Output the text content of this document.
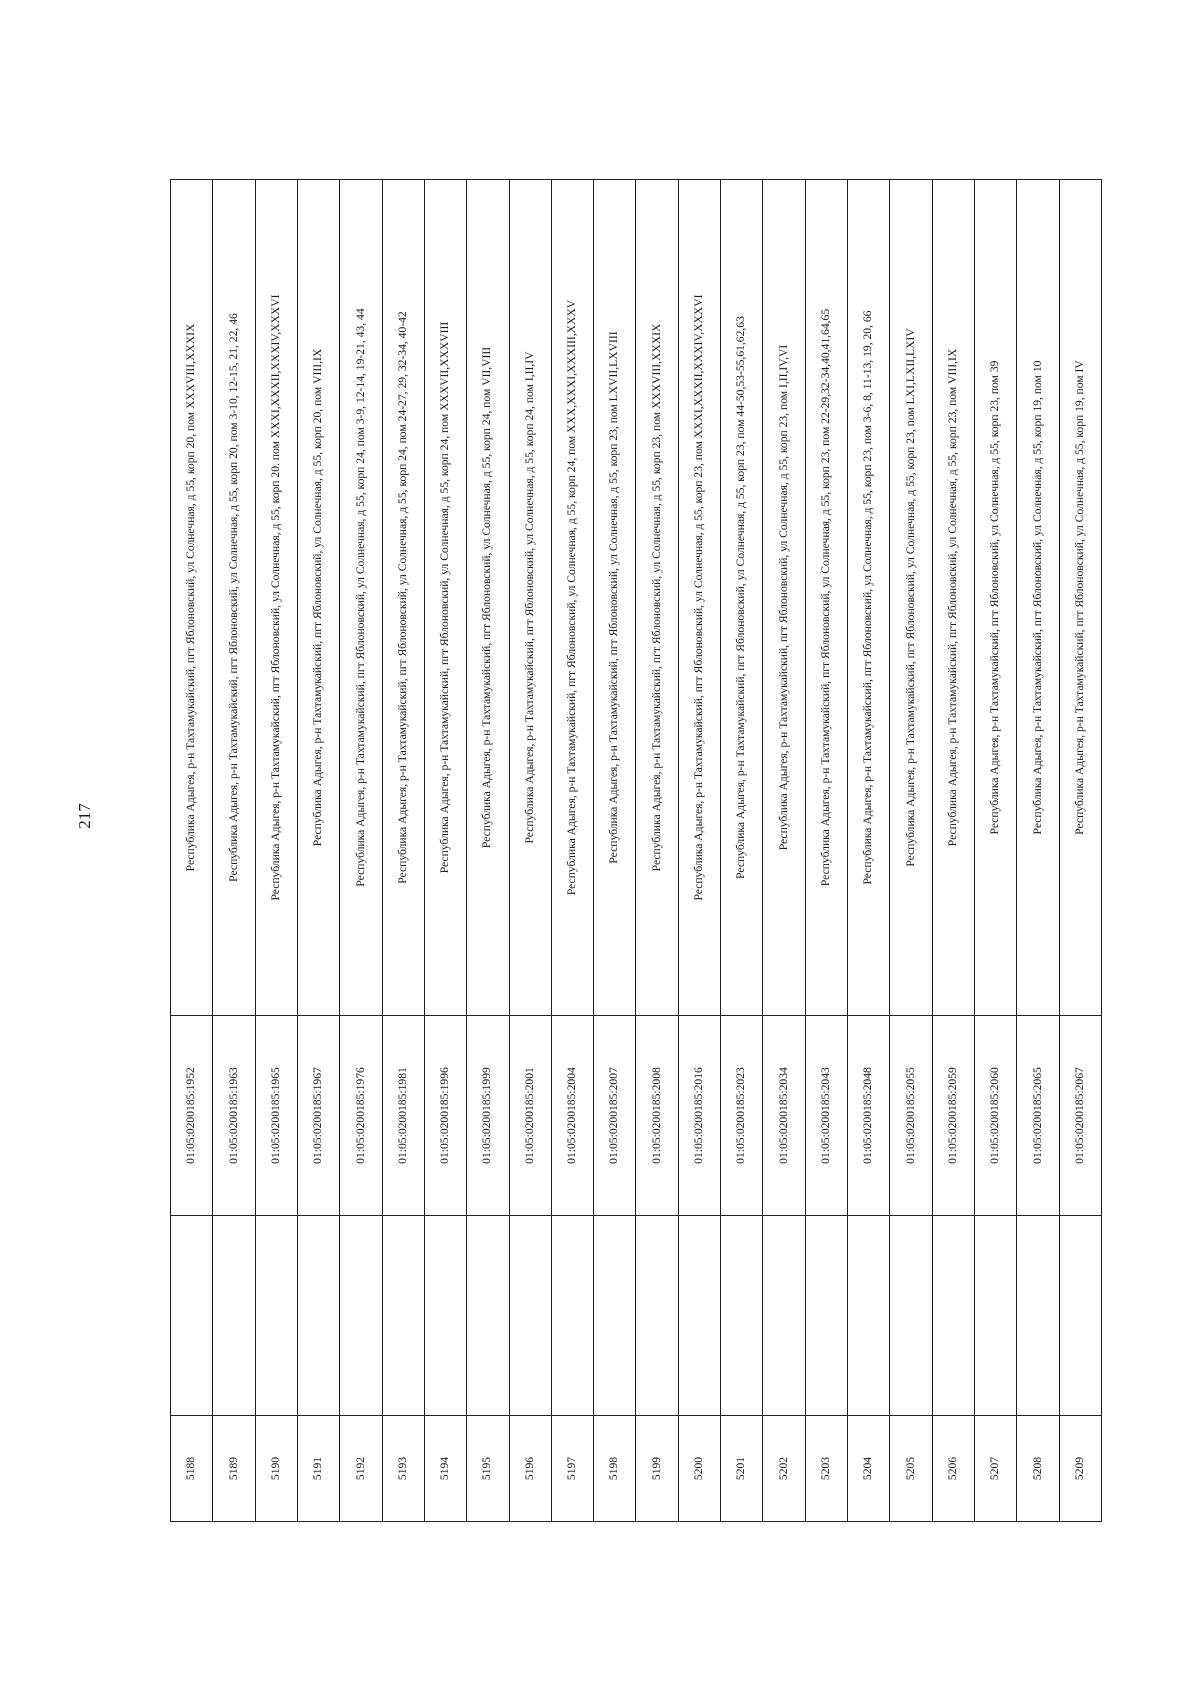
217
5188		01:05:0200185:1952	Республика Адыгея, р-н Тахтамукайский, пгт Яблоновский, ул Солнечная, д 55, корп 20, пом XXXVIII,XXXIX
5189		01:05:0200185:1963	Республика Адыгея, р-н Тахтамукайский, пгт Яблоновский, ул Солнечная, д 55, корп 20, пом 3-10, 12-15, 21, 22, 46
5190		01:05:0200185:1965	Республика Адыгея, р-н Тахтамукайский, пгт Яблоновский, ул Солнечная, д 55, корп 20. пом XXXI,XXXII,XXXIV,XXXVI
5191		01:05:0200185:1967	Республика Адыгея, р-н Тахтамукайский, пгт Яблоновский, ул Солнечная, д 55, корп 20, пом VIII,IX
5192		01:05:0200185:1976	Республика Адыгея, р-н Тахтамукайский, пгт Яблоновский, ул Солнечная, д 55, корп 24, пом 3-9, 12-14, 19-21, 43, 44
5193		01:05:0200185:1981	Республика Адыгея, р-н Тахтамукайский, пгт Яблоновский, ул Солнечная, д 55, корп 24, пом 24-27, 29, 32-34, 40-42
5194		01:05:0200185:1996	Республика Адыгея, р-н Тахтамукайский, пгт Яблоновский, ул Солнечная, д 55, корп 24, пом XXXVII,XXXVIII
5195		01:05:0200185:1999	Республика Адыгея, р-н Тахтамукайский, пгт Яблоновский, ул Солнечная, д 55, корп 24, пом VII,VIII
5196		01:05:0200185:2001	Республика Адыгея, р-н Тахтамукайский, пгт Яблоновский, ул Солнечная, д 55, корп 24, пом I,II,IV
5197		01:05:0200185:2004	Республика Адыгея, р-н Тахтамукайский, пгт Яблоновский, ул Солнечная, д 55, корп 24, пом XXX,XXXI,XXXIII,XXXV
5198		01:05:0200185:2007	Республика Адыгея, р-н Тахтамукайский, пгт Яблоновский, ул Солнечная, д 55, корп 23, пом LXVII,LXVIII
5199		01:05:0200185:2008	Республика Адыгея, р-н Тахтамукайский, пгт Яблоновский, ул Солнечная, д 55, корп 23, пом XXXVIII,XXXIX
5200		01:05:0200185:2016	Республика Адыгея, р-н Тахтамукайский, пгт Яблоновский, ул Солнечная, д 55, корп 23, пом XXXI,XXXII,XXXIV,XXXVI
5201		01:05:0200185:2023	Республика Адыгея, р-н Тахтамукайский, пгт Яблоновский, ул Солнечная, д 55, корп 23, пом 44-50,53-55,61,62,63
5202		01:05:0200185:2034	Республика Адыгея, р-н Тахтамукайский, пгт Яблоновский, ул Солнечная, д 55, корп 23, пом I,II,IV,VI
5203		01:05:0200185:2043	Республика Адыгея, р-н Тахтамукайский, пгт Яблоновский, ул Солнечная, д 55, корп 23, пом 22-29,32-34,40,41,64,65
5204		01:05:0200185:2048	Республика Адыгея, р-н Тахтамукайский, пгт Яблоновский, ул Солнечная, д 55, корп 23, пом 3-6, 8, 11-13, 19, 20, 66
5205		01:05:0200185:2055	Республика Адыгея, р-н Тахтамукайский, пгт Яблоновский, ул Солнечная, д 55, корп 23, пом LXI,LXII,LXIV
5206		01:05:0200185:2059	Республика Адыгея, р-н Тахтамукайский, пгт Яблоновский, ул Солнечная, д 55, корп 23, пом VIII,IX
5207		01:05:0200185:2060	Республика Адыгея, р-н Тахтамукайский, пгт Яблоновский, ул Солнечная, д 55, корп 23, пом 39
5208		01:05:0200185:2065	Республика Адыгея, р-н Тахтамукайский, пгт Яблоновский, ул Солнечная, д 55, корп 19, пом 10
5209		01:05:0200185:2067	Республика Адыгея, р-н Тахтамукайский, пгт Яблоновский, ул Солнечная, д 55, корп 19, пом IV
